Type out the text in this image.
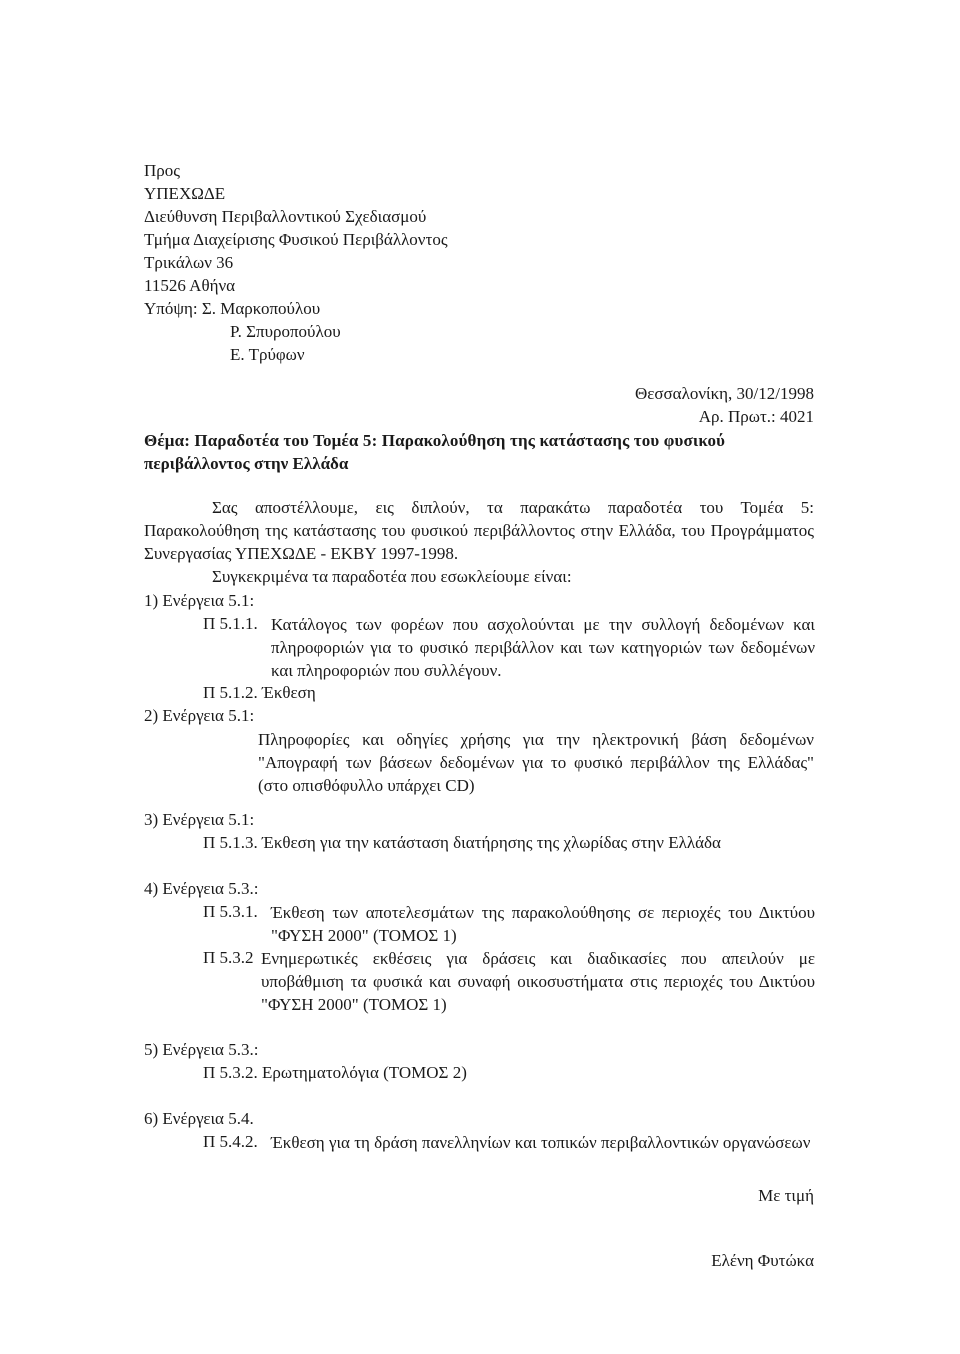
Προς
ΥΠΕΧΩΔΕ
Διεύθυνση Περιβαλλοντικού Σχεδιασμού
Τμήμα Διαχείρισης Φυσικού Περιβάλλοντος
Τρικάλων 36
11526 Αθήνα
Υπόψη: Σ. Μαρκοπούλου
Ρ. Σπυροπούλου
Ε. Τρύφων
Θεσσαλονίκη, 30/12/1998
Αρ. Πρωτ.: 4021
Θέμα: Παραδοτέα του Τομέα 5: Παρακολούθηση της κατάστασης του φυσικού
περιβάλλοντος στην Ελλάδα
Σας αποστέλλουμε, εις διπλούν, τα παρακάτω παραδοτέα του Τομέα 5: Παρακολούθηση της κατάστασης του φυσικού περιβάλλοντος στην Ελλάδα, του Προγράμματος Συνεργασίας ΥΠΕΧΩΔΕ - ΕΚΒΥ 1997-1998.
Συγκεκριμένα τα παραδοτέα που εσωκλείουμε είναι:
1) Ενέργεια 5.1:
Π 5.1.1. Κατάλογος των φορέων που ασχολούνται με την συλλογή δεδομένων και πληροφοριών για το φυσικό περιβάλλον και των κατηγοριών των δεδομένων και πληροφοριών που συλλέγουν.
Π 5.1.2. Έκθεση
2) Ενέργεια 5.1:
Πληροφορίες και οδηγίες χρήσης για την ηλεκτρονική βάση δεδομένων "Απογραφή των βάσεων δεδομένων για το φυσικό περιβάλλον της Ελλάδας" (στο οπισθόφυλλο υπάρχει CD)
3) Ενέργεια 5.1:
Π 5.1.3. Έκθεση για την κατάσταση διατήρησης της χλωρίδας στην Ελλάδα
4) Ενέργεια 5.3.:
Π 5.3.1. Έκθεση των αποτελεσμάτων της παρακολούθησης σε περιοχές του Δικτύου "ΦΥΣΗ 2000" (ΤΟΜΟΣ 1)
Π 5.3.2 Ενημερωτικές εκθέσεις για δράσεις και διαδικασίες που απειλούν με υποβάθμιση τα φυσικά και συναφή οικοσυστήματα στις περιοχές του Δικτύου "ΦΥΣΗ 2000" (ΤΟΜΟΣ 1)
5) Ενέργεια 5.3.:
Π 5.3.2. Ερωτηματολόγια (ΤΟΜΟΣ 2)
6) Ενέργεια 5.4.
Π 5.4.2. Έκθεση για τη δράση πανελληνίων και τοπικών περιβαλλοντικών οργανώσεων
Με τιμή
Ελένη Φυτώκα
